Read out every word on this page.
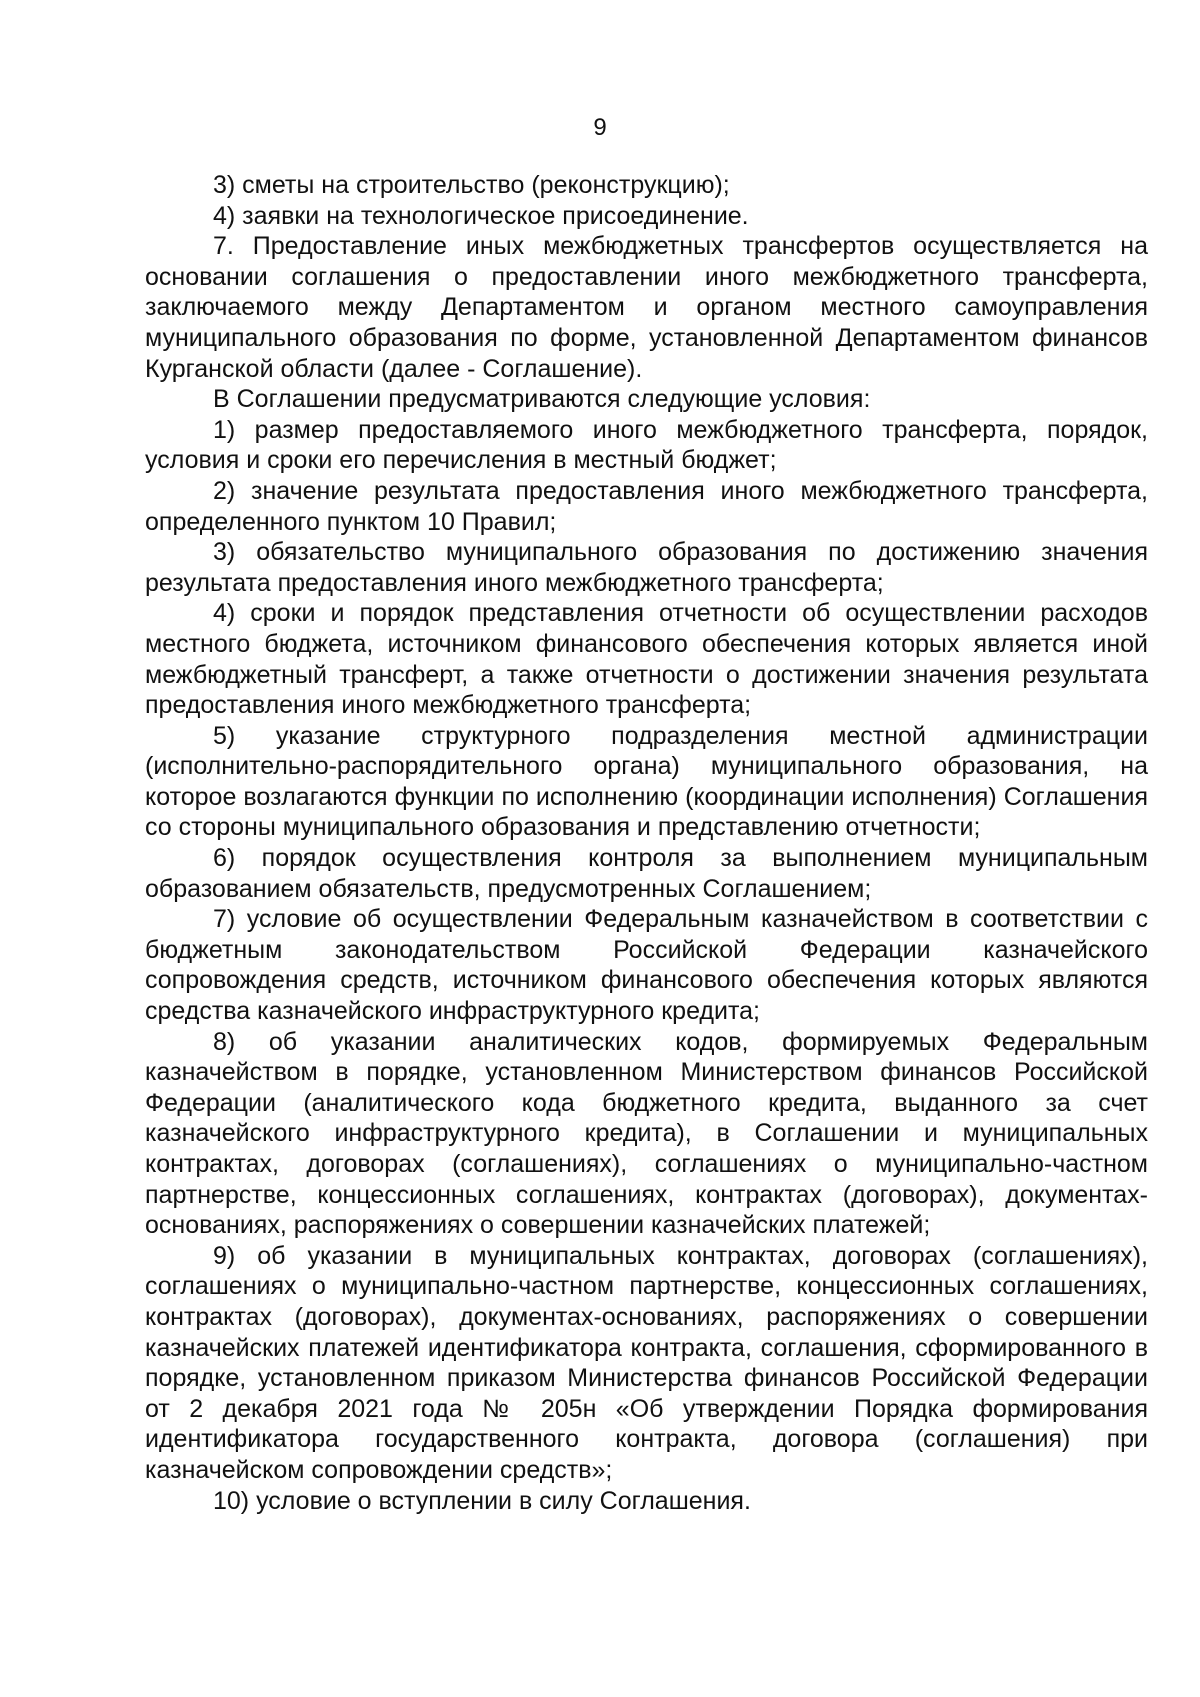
9

3) сметы на строительство (реконструкцию);

4) заявки на технологическое присоединение.

7. Предоставление иных межбюджетных трансфертов осуществляется на основании соглашения о предоставлении иного межбюджетного трансферта, заключаемого между Департаментом и органом местного самоуправления муниципального образования по форме, установленной Департаментом финансов Курганской области (далее - Соглашение).

В Соглашении предусматриваются следующие условия:

1) размер предоставляемого иного межбюджетного трансферта, порядок, условия и сроки его перечисления в местный бюджет;

2) значение результата предоставления иного межбюджетного трансферта, определенного пунктом 10 Правил;

3) обязательство муниципального образования по достижению значения результата предоставления иного межбюджетного трансферта;

4) сроки и порядок представления отчетности об осуществлении расходов местного бюджета, источником финансового обеспечения которых является иной межбюджетный трансферт, а также отчетности о достижении значения результата предоставления иного межбюджетного трансферта;

5) указание структурного подразделения местной администрации (исполнительно-распорядительного органа) муниципального образования, на которое возлагаются функции по исполнению (координации исполнения) Соглашения со стороны муниципального образования и представлению отчетности;

6) порядок осуществления контроля за выполнением муниципальным образованием обязательств, предусмотренных Соглашением;

7) условие об осуществлении Федеральным казначейством в соответствии с бюджетным законодательством Российской Федерации казначейского сопровождения средств, источником финансового обеспечения которых являются средства казначейского инфраструктурного кредита;

8) об указании аналитических кодов, формируемых Федеральным казначейством в порядке, установленном Министерством финансов Российской Федерации (аналитического кода бюджетного кредита, выданного за счет казначейского инфраструктурного кредита), в Соглашении и муниципальных контрактах, договорах (соглашениях), соглашениях о муниципально-частном партнерстве, концессионных соглашениях, контрактах (договорах), документах-основаниях, распоряжениях о совершении казначейских платежей;

9) об указании в муниципальных контрактах, договорах (соглашениях), соглашениях о муниципально-частном партнерстве, концессионных соглашениях, контрактах (договорах), документах-основаниях, распоряжениях о совершении казначейских платежей идентификатора контракта, соглашения, сформированного в порядке, установленном приказом Министерства финансов Российской Федерации от 2 декабря 2021 года № 205н «Об утверждении Порядка формирования идентификатора государственного контракта, договора (соглашения) при казначейском сопровождении средств»;

10) условие о вступлении в силу Соглашения.
